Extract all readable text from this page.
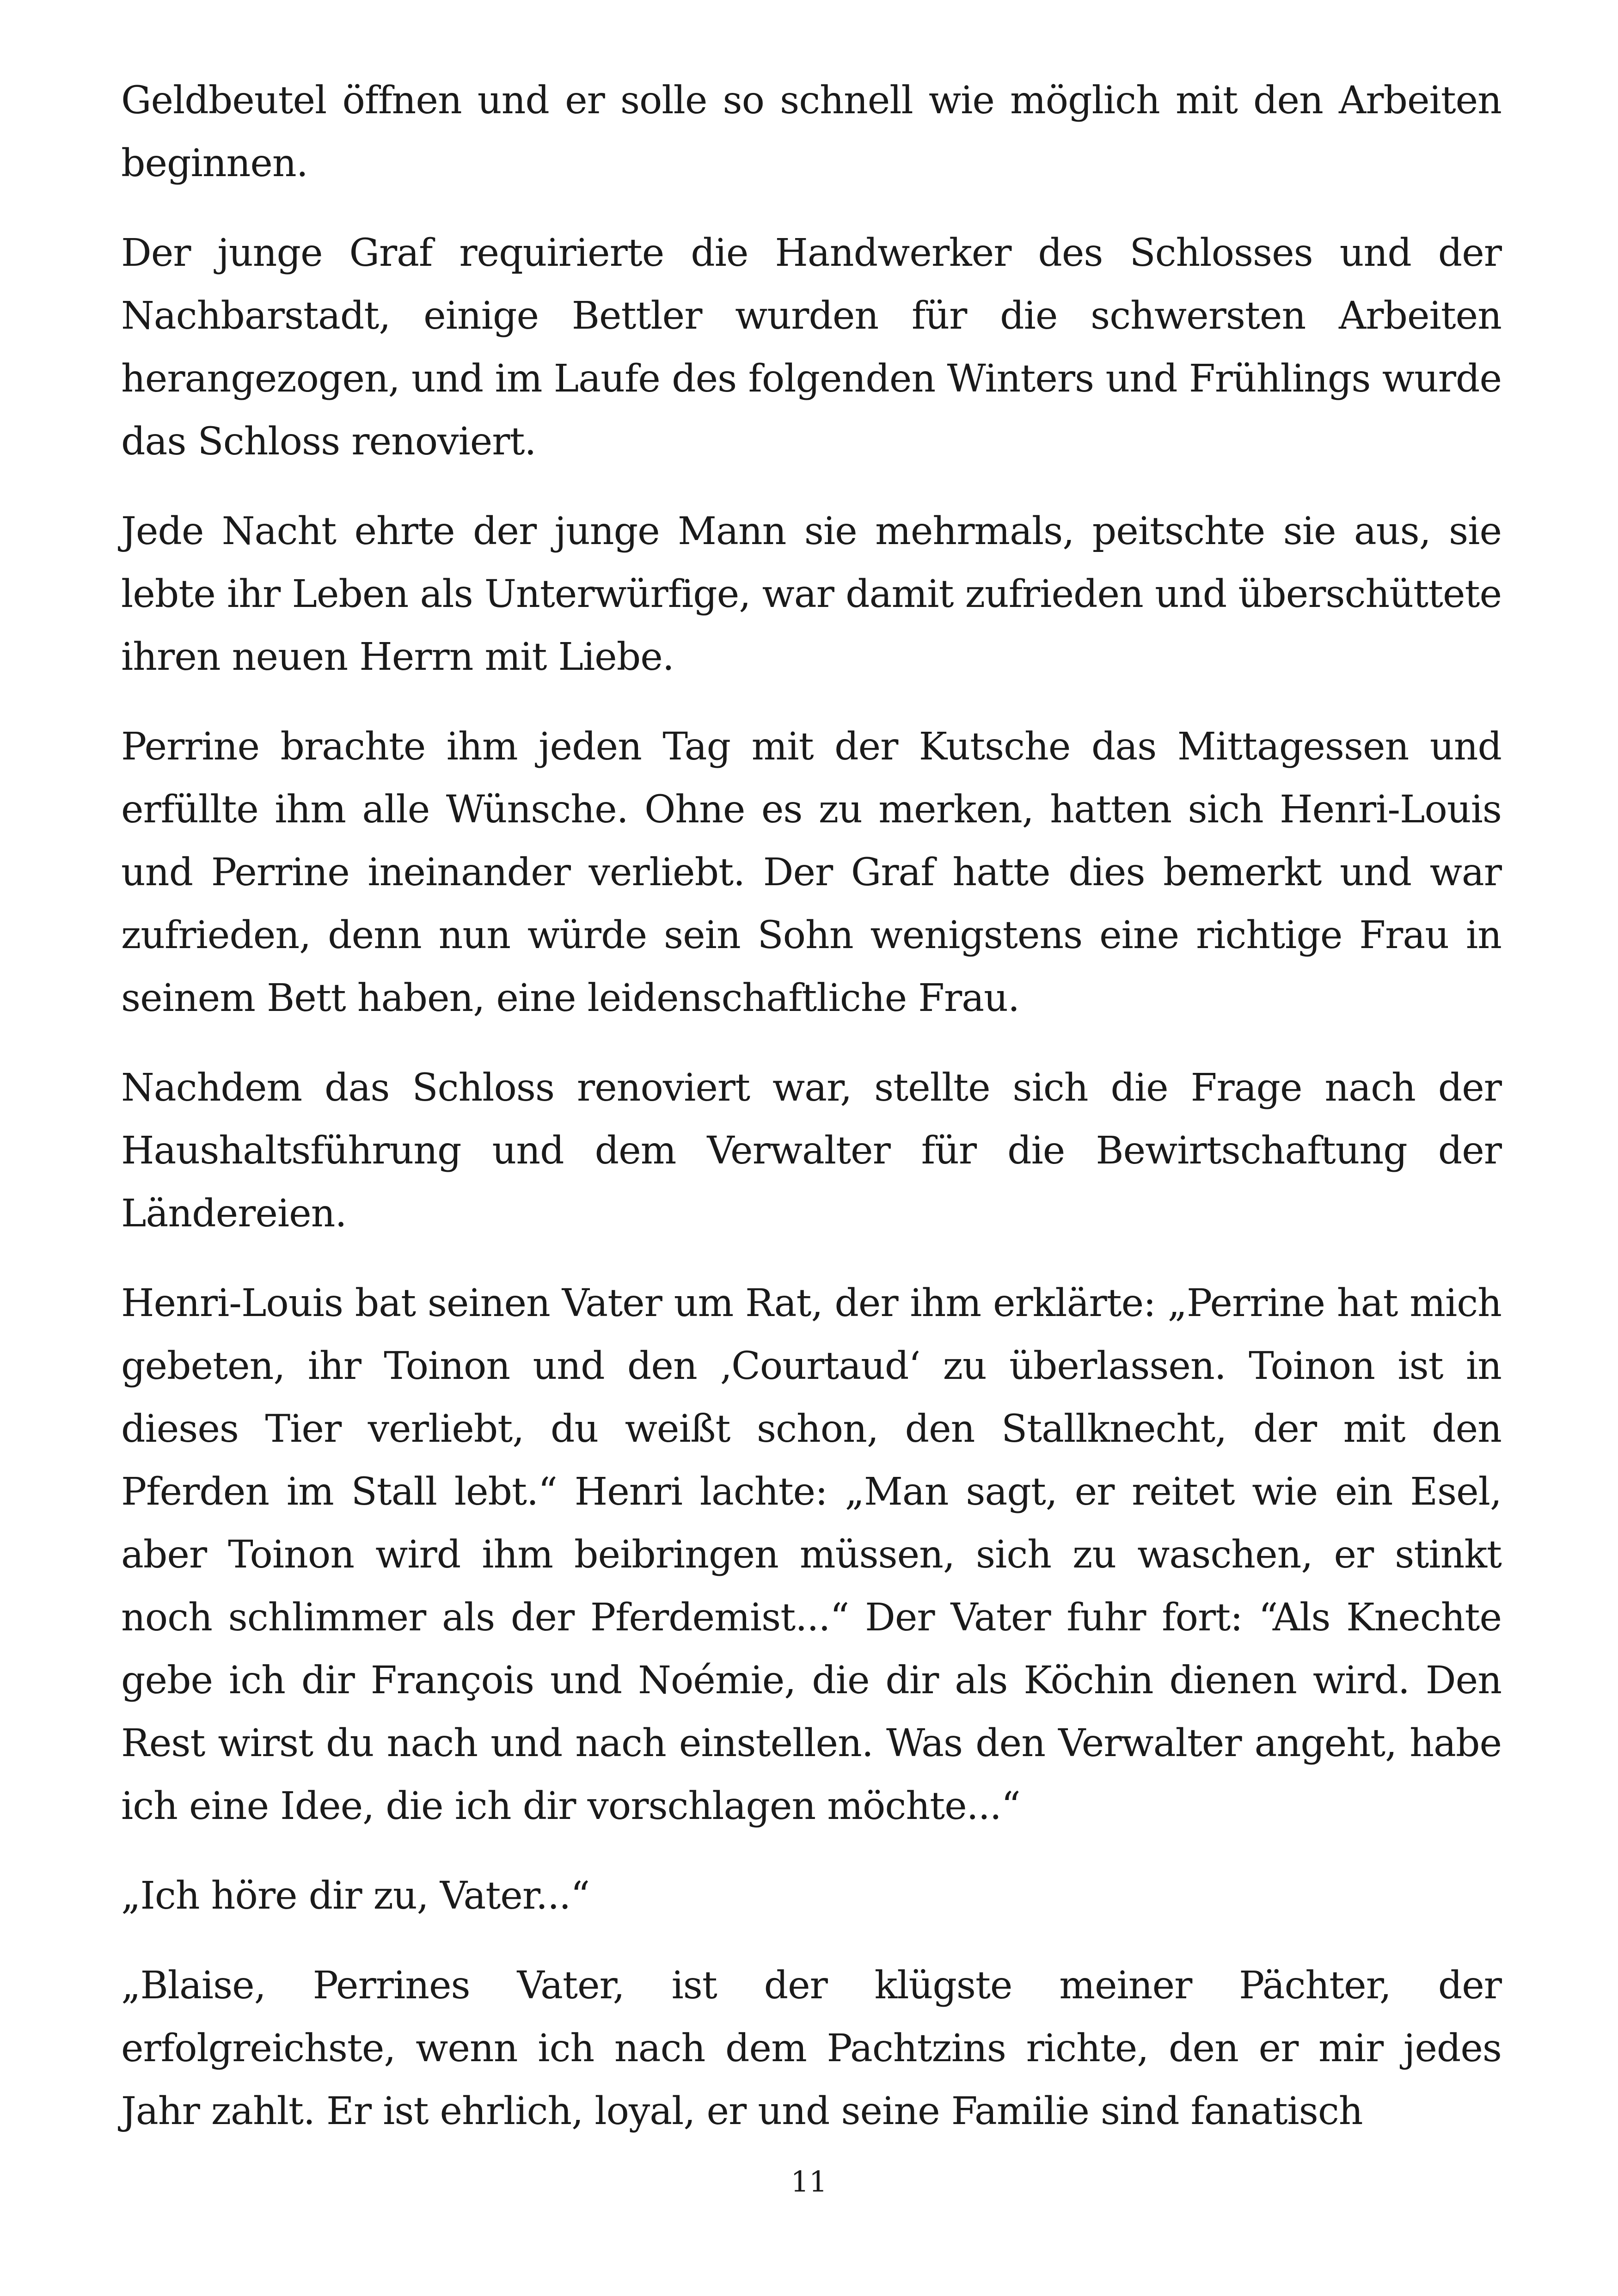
Geldbeutel öffnen und er solle so schnell wie möglich mit den Arbeiten beginnen.

Der junge Graf requirierte die Handwerker des Schlosses und der Nachbarstadt, einige Bettler wurden für die schwersten Arbeiten herangezogen, und im Laufe des folgenden Winters und Frühlings wurde das Schloss renoviert.

Jede Nacht ehrte der junge Mann sie mehrmals, peitschte sie aus, sie lebte ihr Leben als Unterwürfige, war damit zufrieden und überschüttete ihren neuen Herrn mit Liebe.

Perrine brachte ihm jeden Tag mit der Kutsche das Mittagessen und erfüllte ihm alle Wünsche. Ohne es zu merken, hatten sich Henri-Louis und Perrine ineinander verliebt. Der Graf hatte dies bemerkt und war zufrieden, denn nun würde sein Sohn wenigstens eine richtige Frau in seinem Bett haben, eine leidenschaftliche Frau.

Nachdem das Schloss renoviert war, stellte sich die Frage nach der Haushaltsführung und dem Verwalter für die Bewirtschaftung der Ländereien.

Henri-Louis bat seinen Vater um Rat, der ihm erklärte: „Perrine hat mich gebeten, ihr Toinon und den ‚Courtaud‘ zu überlassen. Toinon ist in dieses Tier verliebt, du weißt schon, den Stallknecht, der mit den Pferden im Stall lebt.“ Henri lachte: „Man sagt, er reitet wie ein Esel, aber Toinon wird ihm beibringen müssen, sich zu waschen, er stinkt noch schlimmer als der Pferdemist...“ Der Vater fuhr fort: “Als Knechte gebe ich dir François und Noémie, die dir als Köchin dienen wird. Den Rest wirst du nach und nach einstellen. Was den Verwalter angeht, habe ich eine Idee, die ich dir vorschlagen möchte...“

„Ich höre dir zu, Vater...“

„Blaise, Perrines Vater, ist der klügste meiner Pächter, der erfolgreichste, wenn ich nach dem Pachtzins richte, den er mir jedes Jahr zahlt. Er ist ehrlich, loyal, er und seine Familie sind fanatisch

11
